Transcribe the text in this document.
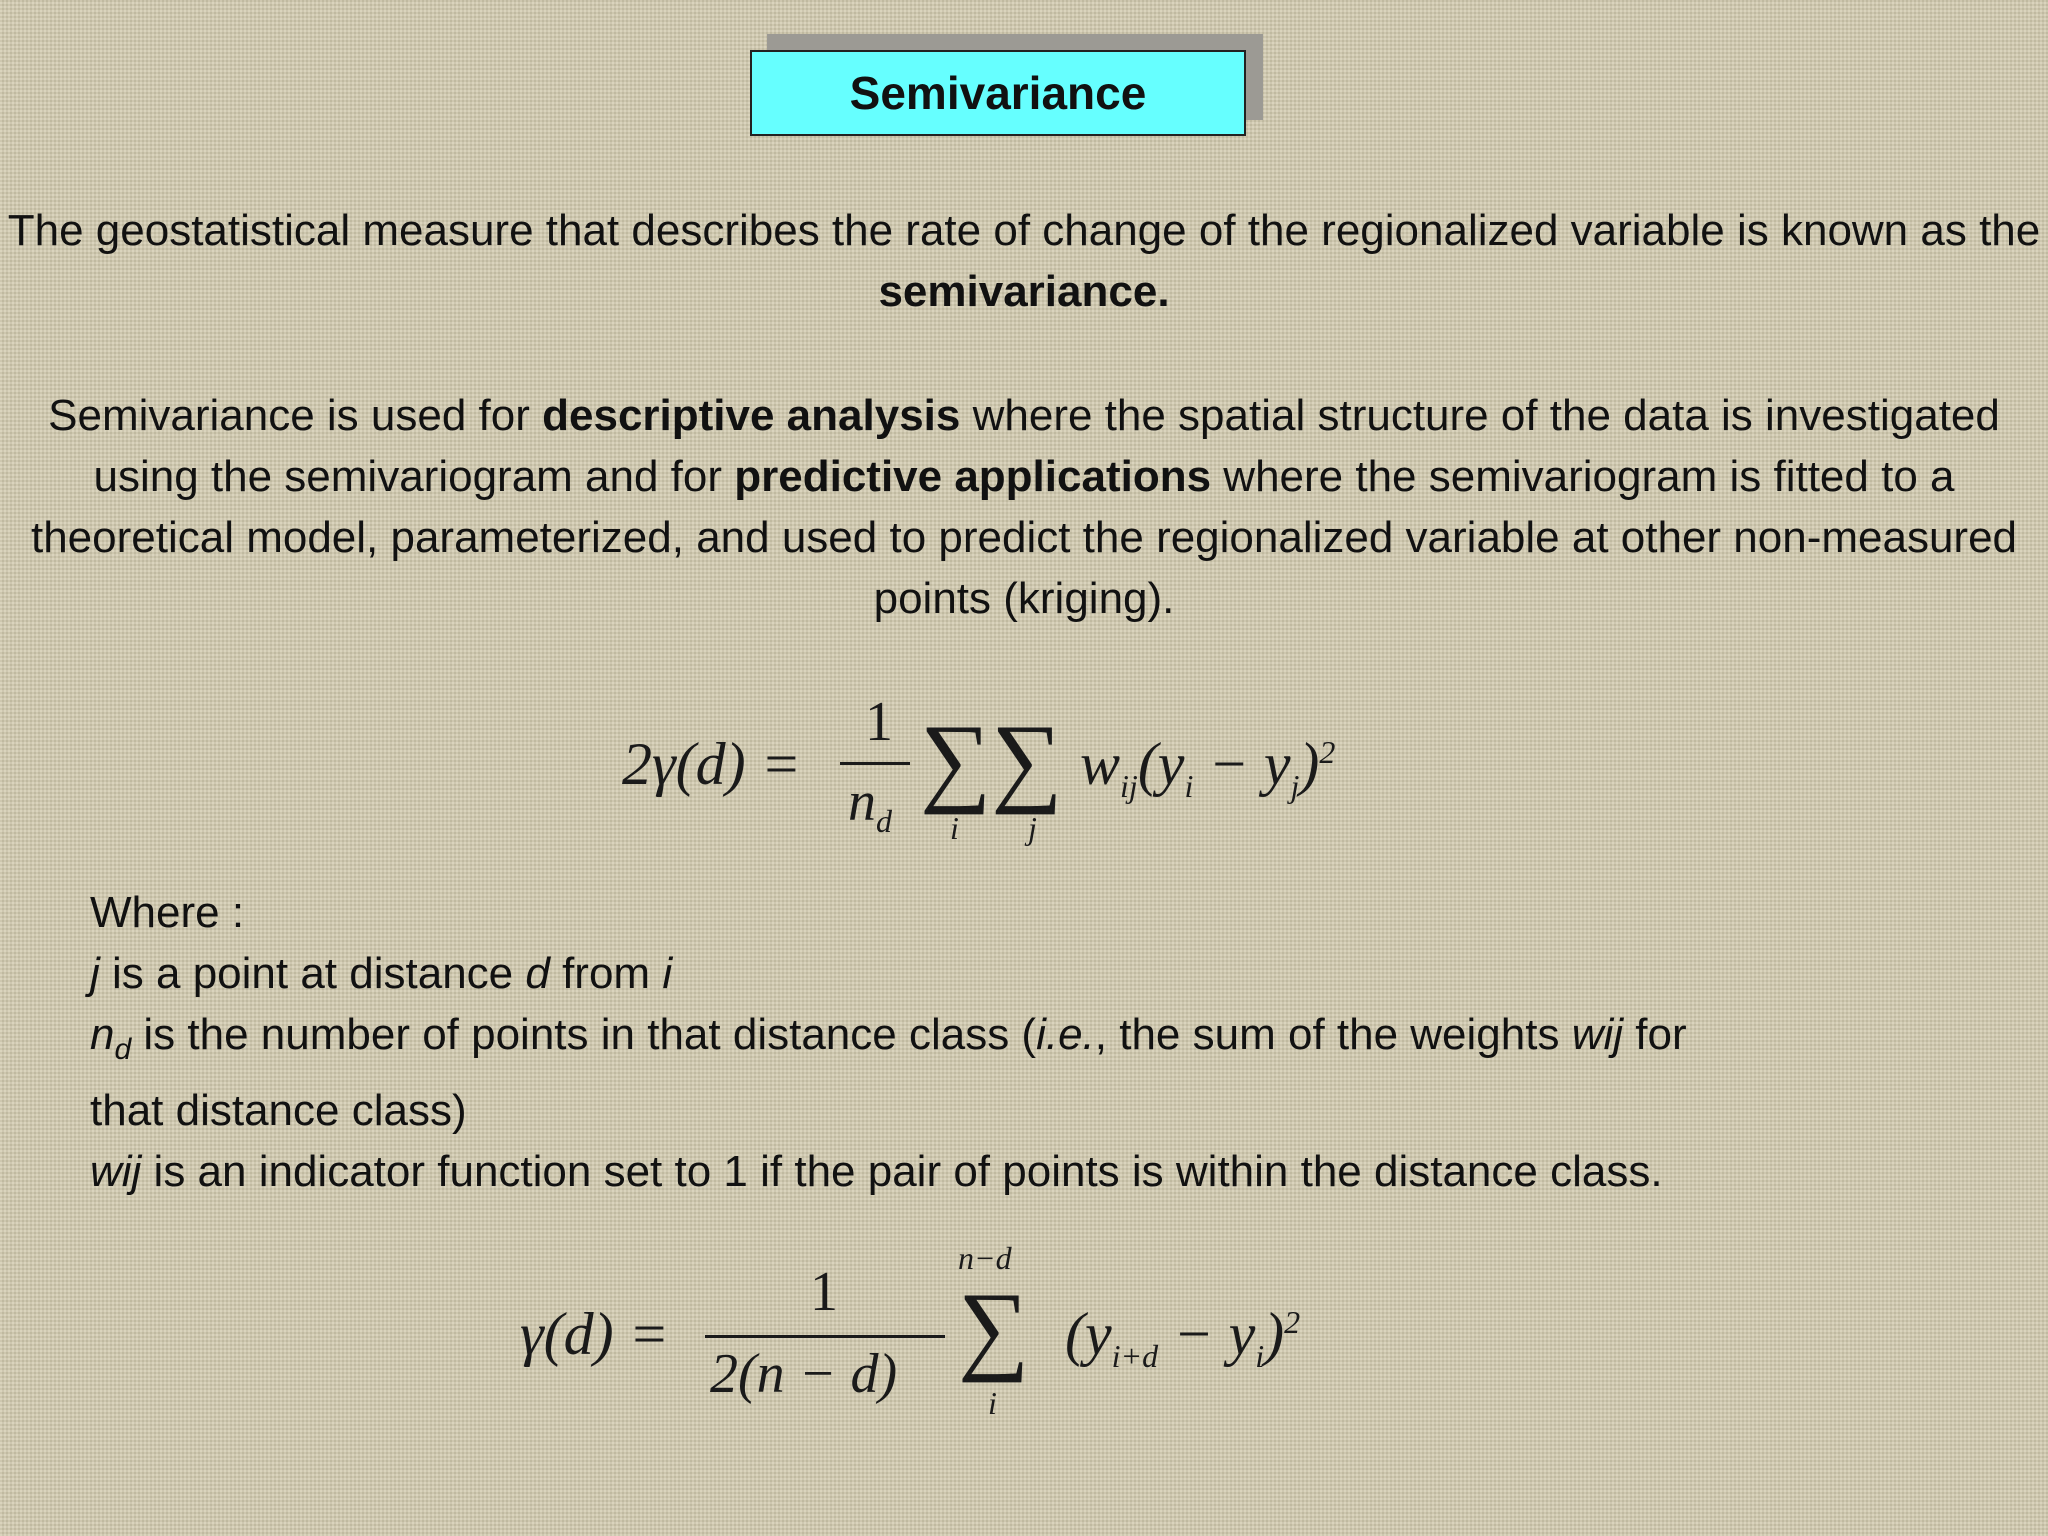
Semivariance
The geostatistical measure that describes the rate of change of the regionalized variable is known as the semivariance.
Semivariance is used for descriptive analysis where the spatial structure of the data is investigated using the semivariogram and for predictive applications where the semivariogram is fitted to a theoretical model, parameterized, and used to predict the regionalized variable at other non-measured points (kriging).
2γ(d) =
1
$n_d$
∑∑
i j
$w_{ij}(y_i - y_j)^2$
Where :
j is a point at distance d from i
$n_d$ is the number of points in that distance class (i.e., the sum of the weights wij for
that distance class)
wij is an indicator function set to 1 if the pair of points is within the distance class.
γ(d) =
1
2(n − d)
n−d
∑
i
$(y_{i+d} - y_i)^2$
